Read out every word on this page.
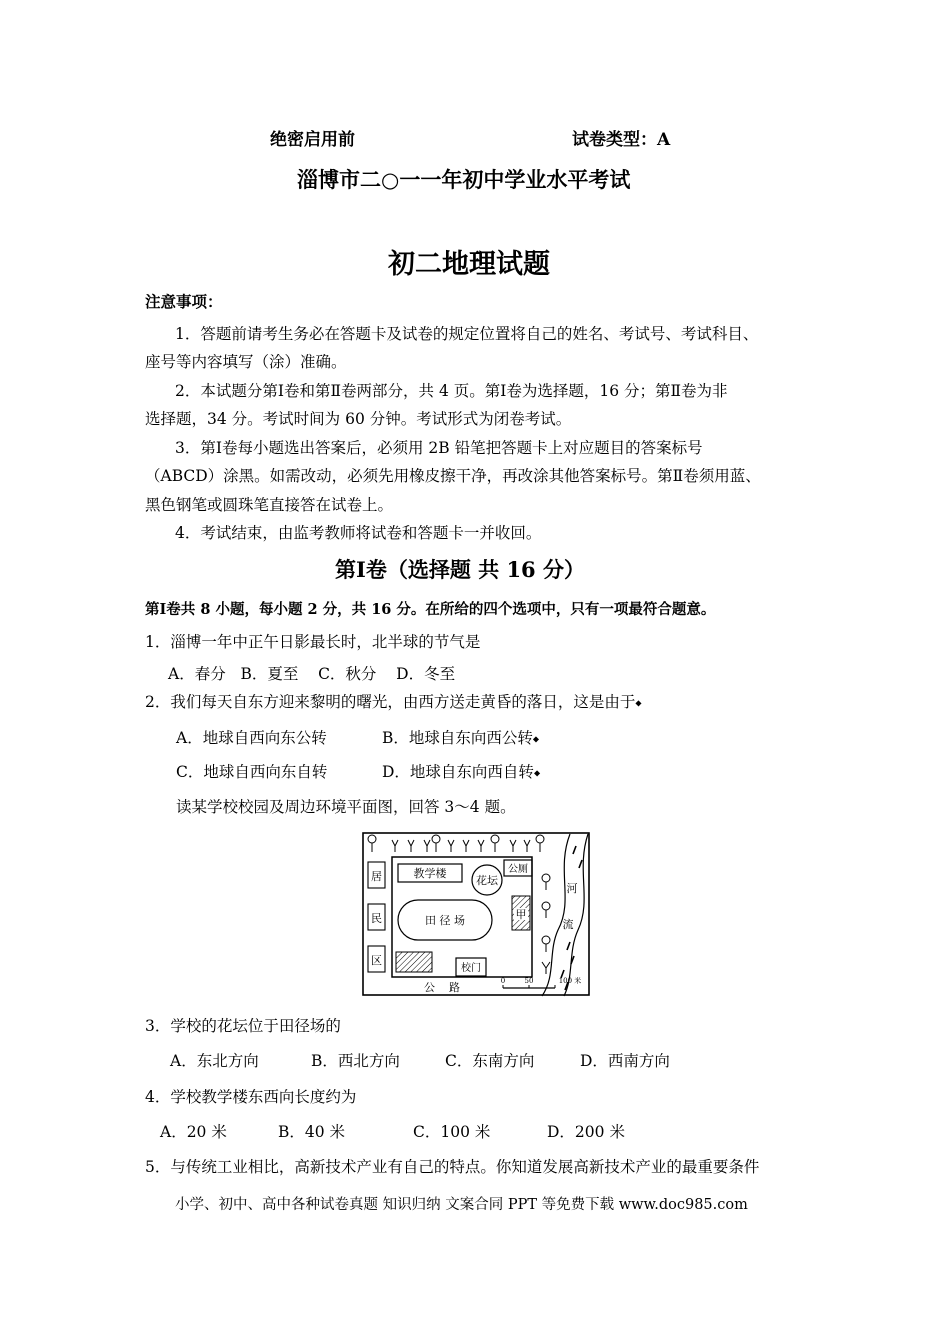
绝密启用前	试卷类型：A
淄博市二○一一年初中学业水平考试
初二地理试题
注意事项：
1．答题前请考生务必在答题卡及试卷的规定位置将自己的姓名、考试号、考试科目、
座号等内容填写（涂）准确。
2．本试题分第Ⅰ卷和第Ⅱ卷两部分，共 4 页。第Ⅰ卷为选择题，16 分；第Ⅱ卷为非
选择题，34 分。考试时间为 60 分钟。考试形式为闭卷考试。
3．第Ⅰ卷每小题选出答案后，必须用 2B 铅笔把答题卡上对应题目的答案标号
（ABCD）涂黑。如需改动，必须先用橡皮擦干净，再改涂其他答案标号。第Ⅱ卷须用蓝、
黑色钢笔或圆珠笔直接答在试卷上。
4．考试结束，由监考教师将试卷和答题卡一并收回。
第Ⅰ卷（选择题 共 16 分）
第Ⅰ卷共 8 小题，每小题 2 分，共 16 分。在所给的四个选项中，只有一项最符合题意。
1．淄博一年中正午日影最长时，北半球的节气是
A．春分   B．夏至    C．秋分    D．冬至
2．我们每天自东方迎来黎明的曙光，由西方送走黄昏的落日，这是由于◆
A．地球自西向东公转	B．地球自东向西公转◆
C．地球自西向东自转	D．地球自东向西自转◆
读某学校校园及周边环境平面图，回答 3～4 题。
教学楼
花坛
公厕
田 径 场	甲
校门
居
民
区
河
流
公    路	0	50	100 米
3．学校的花坛位于田径场的
A．东北方向	B．西北方向	C．东南方向	D．西南方向
4．学校教学楼东西向长度约为
A．20 米	B．40 米	C．100 米	D．200 米
5．与传统工业相比，高新技术产业有自己的特点。你知道发展高新技术产业的最重要条件
小学、初中、高中各种试卷真题 知识归纳 文案合同 PPT 等免费下载 www.doc985.com
